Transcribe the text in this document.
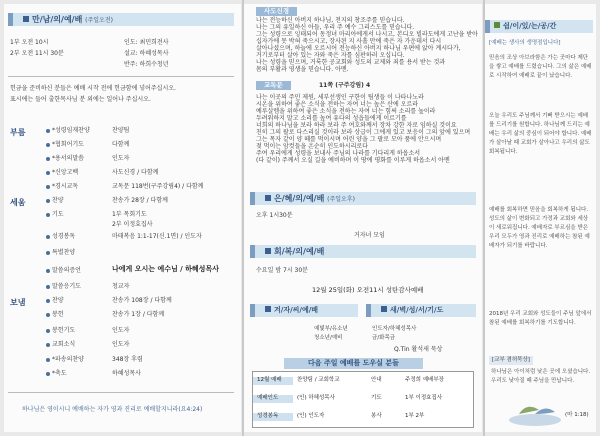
만/남/의/예/배 (주일오전)
1부 오전 10시
2부 오전 11시 30분
인도: 최민희전사
설교: 하혜성목사
반주: 하희수청년
헌금을 준비하신 분들은 예배 시작 전에 헌금함에 넣어주십시오.
표시에는 들어 출한목사님 분 외에는 일어나 주십시오.
부름	*성령임재찬양	찬양팀
*협회어기도	다함께
*용서의말씀	인도자
*신앙고백	사도신경 / 다함께
*경시교독	교독문 118번(구주강림4) / 다함께
세움	찬양	찬송가 28장 / 다함께
기도	1부 목회기도
2부 이정효집사
성경봉독	마태복음 1:1-17(신.1면) / 인도자
특별찬양
말씀의증언	나에게 오시는 예수님 / 하혜성목사
말씀응기도	청교자
보냄	찬양	찬송가 108장 / 다함께
봉헌	찬송가 1장 / 다함께
봉헌기도	인도자
교회소식	인도자
*파송의찬양	348장 후렴
*축도	하혜성목사
하나님은 영이시니 예배하는 자가 영과 진리로 예배할지니라(요4:24)
사도신경
나는 전능하신 아버지 하나님, 천지의 창조주를 믿습니다.
나는 그의 유일하신 아들, 우리 주 예수 그리스도를 믿습니다.
그는 성령으로 잉태되어 동정녀 마리아에게서 나시고, 본디오 빌라도에게 고난을 받아
십자가에 못 박혀 죽으시고, 장사된 지 사흘 만에 죽은 자 가운데서 다시
살아나셨으며, 하늘에 오르시어 전능하신 아버지 하나님 우편에 앉아 계시다가,
거기로부터 살아 있는 자와 죽은 자를 심판하러 오십니다.
나는 성령을 믿으며, 거룩한 공교회와 성도의 교제와 죄를 용서 받는 것과
몸의 부활과 영생을 믿습니다. 아멘.
교독문	11쪽 (구주강림) 4
나는 이곳의 주민 제원, 세부선생인 구한이 팀생들 이 나타나노라
시온을 위하여 좋은 소식을 전하는 자여 너는 높은 산에 오르라
예루살렘을 위하여 좋은 소식을 전하는 자여 너는 힘써 소리를 높이라
두려워하지 말고 소리를 높여 유다의 성읍들에게 이르기를
너희의 하나님을 보라 하라 보라 주 여호와께서 장차 강한 자로 임하실 것이요
친히 그의 팔로 다스리실 것이라 보라 상급이 그에게 있고 보응이 그의 앞에 있으며
그는 목자 같이 양 떼를 먹이시며 어린 양을 그 팔로 모아 품에 안으시며
젖 먹이는 암컷들을 온순히 인도하시리로다
주여 우리에게 성령을 보내사 주님의 나라를 기다리게 하옵소서
(다 같이) 주께서 오실 길을 예비하며 이 땅에 평화를 이루게 하옵소서 아멘
은/혜/의/예/배 (주일오후)
오후 1시30분
거자녀 모임
회/복/의/예/배
수요일 밤 7시 30분
12월 25일(화) 오전11시 성탄감사예배
겨/자/씨/예/배	새/벽/성/서/기/도
예빛부/유소년
청소년/예비
인도자/하혜성목사
금/화목금
Q.Tin 활석새 묵상
다음 주일 예배를 도우실 분들
12월 예배	찬양팀 / 교회학교	안내	주정희 예배부장
예배인도	(인) 하혜성목사	기도	1부 이정효집사
성경봉독	(인) 인도자	봉사	1부 2부
쉼/이/있/는/공/간
[예배는 생사의 생명점입니다]
믿음의 조상 아브라함은 가는 곳마다 제단을 쌓고 예배를 드렸습니다. 그의 삶은 예배로 시작하여 예배로 끝이 났습니다.
오늘 우리도 주님께서 기뻐 받으시는 예배를 드리기를 원합니다. 하나님께 드리는 예배는 우리 삶의 중심이 되어야 합니다. 예배가 살아날 때 교회가 살아나고 우리의 삶도 회복됩니다.
예배를 회복하면 믿음을 회복하게 됩니다. 성도의 삶이 변화되고 가정과 교회와 세상이 새로워집니다. 예배자로 부르심을 받은 우리 모두가 영과 진리로 예배하는 참된 예배자가 되기를 바랍니다.
2018년 우리 교회와 성도들이 주님 앞에서 참된 예배를 회복하기를 기도합니다.
[교부 겸허묵상]
하나님은 아이처럼 낮은 곳에 오셨습니다. 우리도 낮아질 때 주님을 만납니다.
(마 1:18)
